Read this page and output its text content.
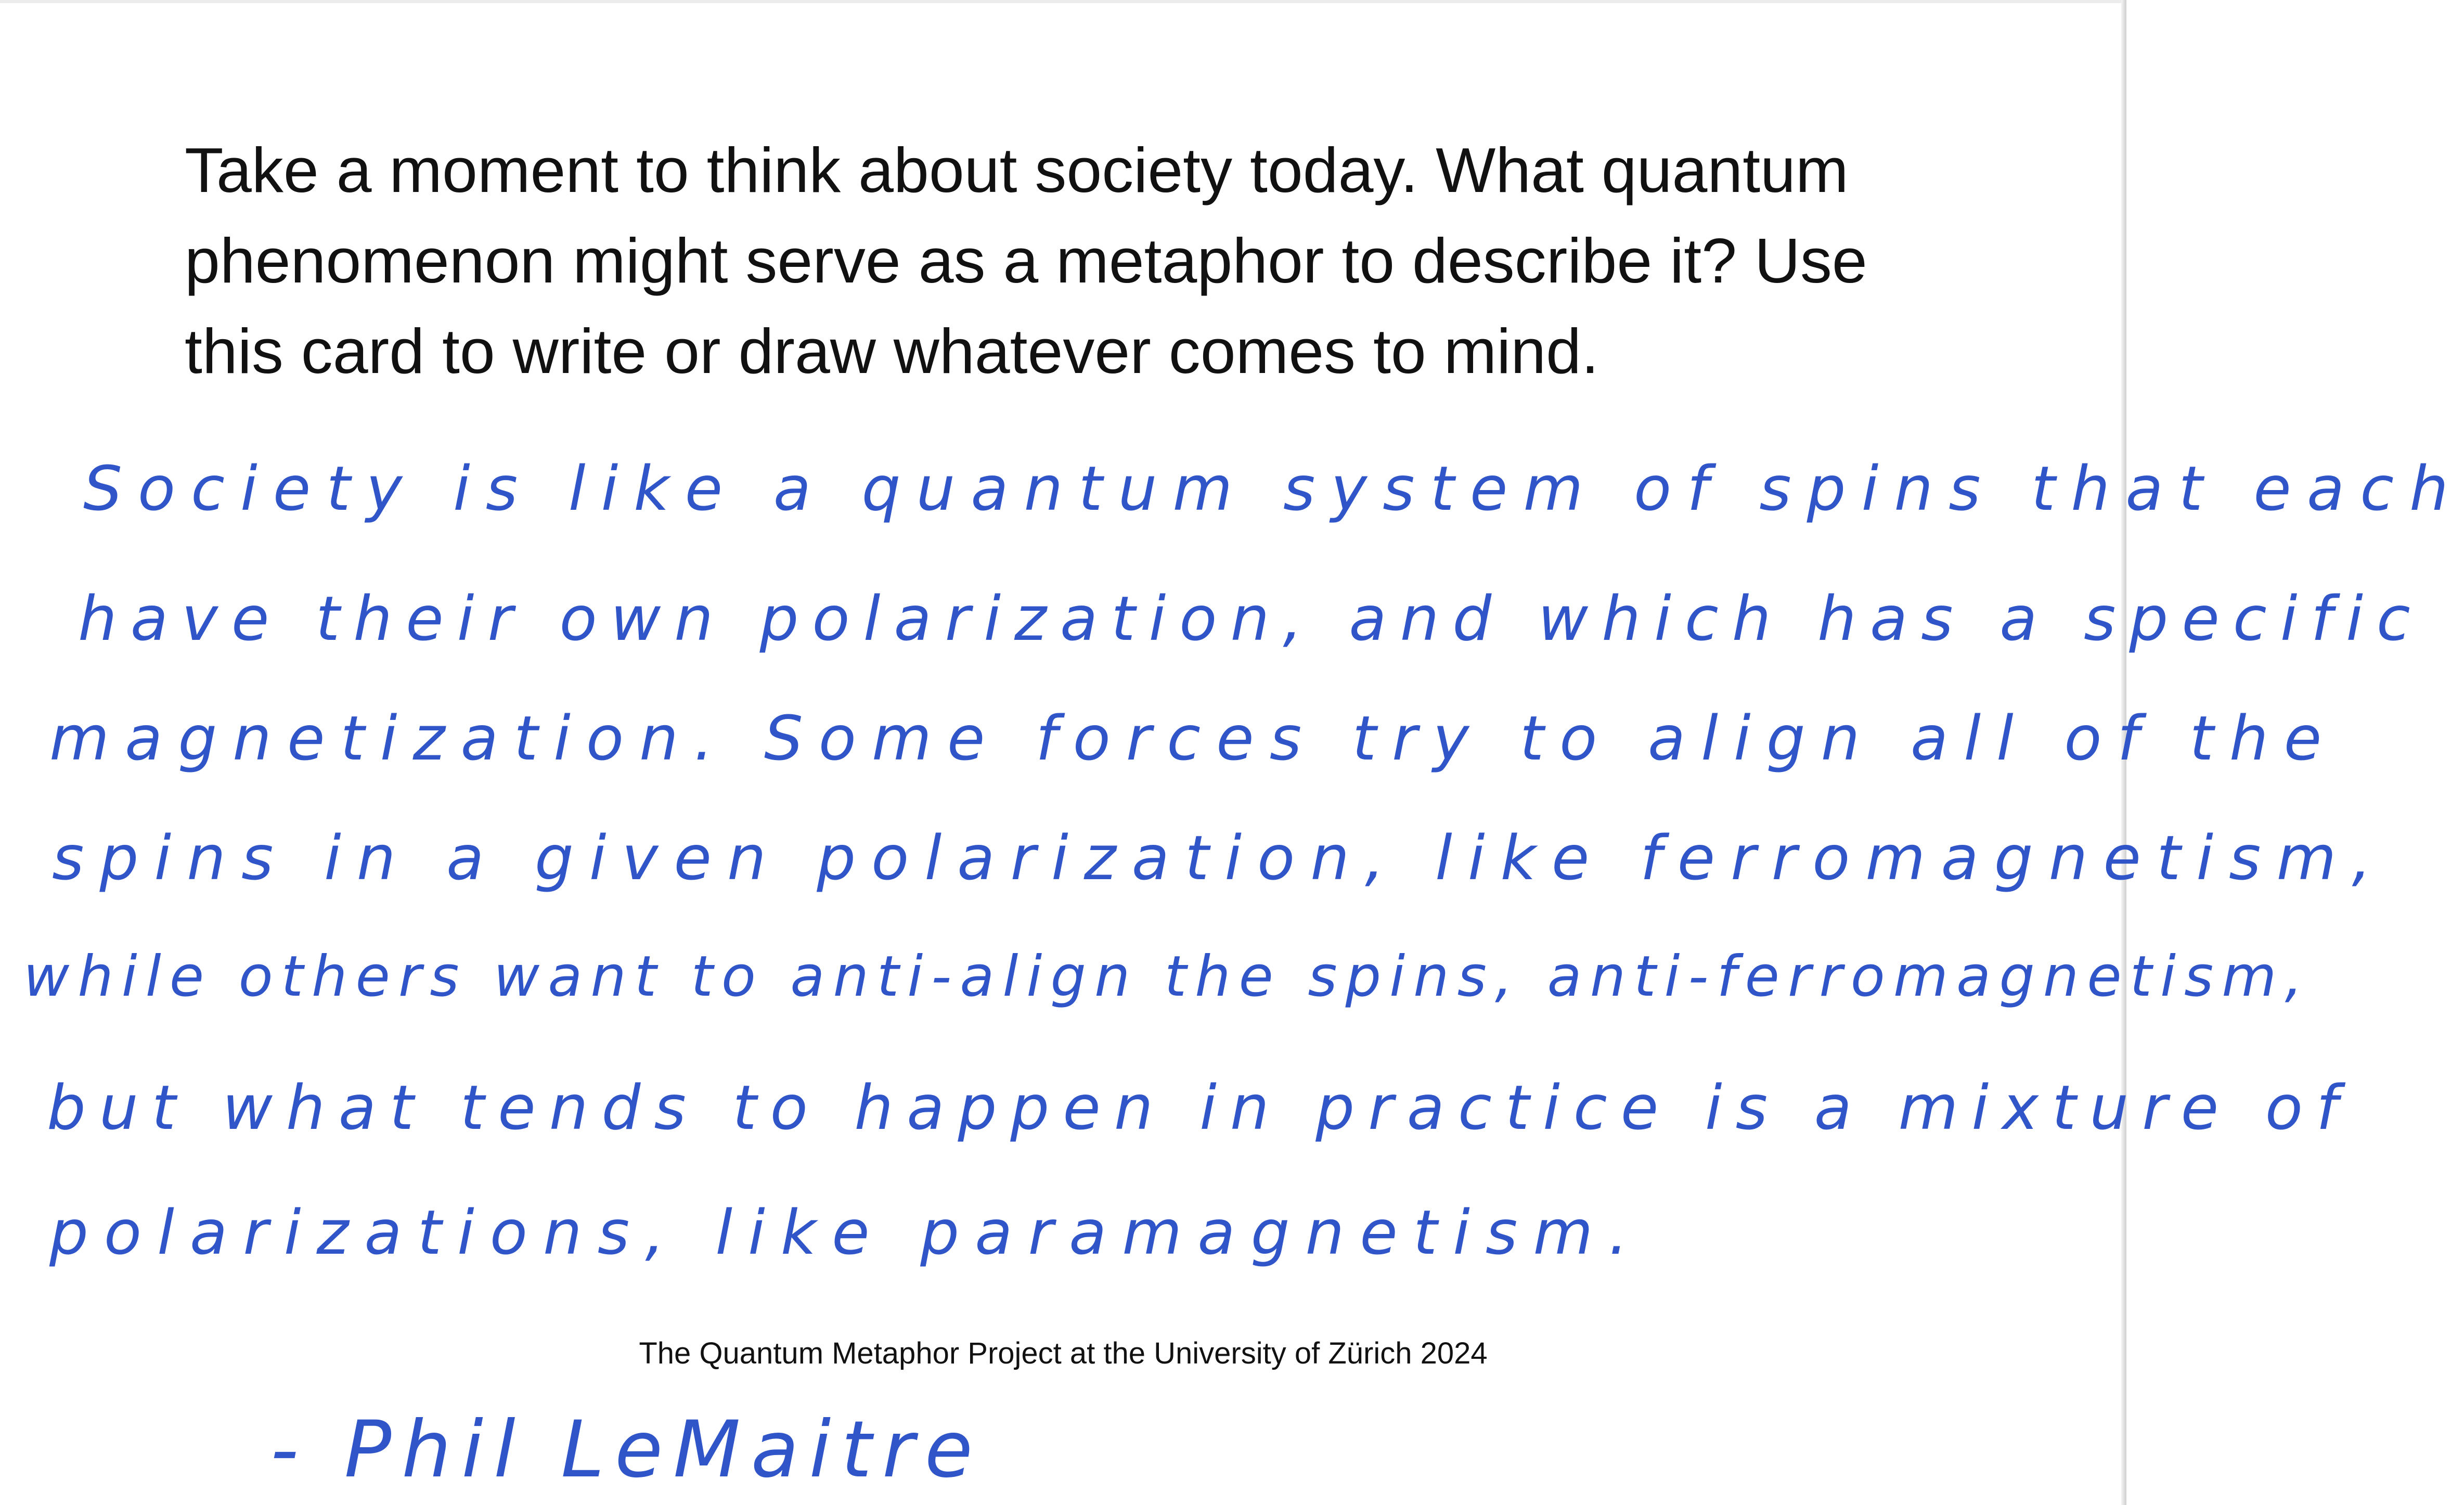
Take a moment to think about society today. What quantum
phenomenon might serve as a metaphor to describe it? Use
this card to write or draw whatever comes to mind.

Society is like a quantum system of spins that each
have their own polarization, and which has a specific
magnetization. Some forces try to align all of the
spins in a given polarization, like ferromagnetism,
while others want to anti-align the spins, anti-ferromagnetism,
but what tends to happen in practice is a mixture of
polarizations, like paramagnetism.
The Quantum Metaphor Project at the University of Zürich 2024
- Phil LeMaitre
